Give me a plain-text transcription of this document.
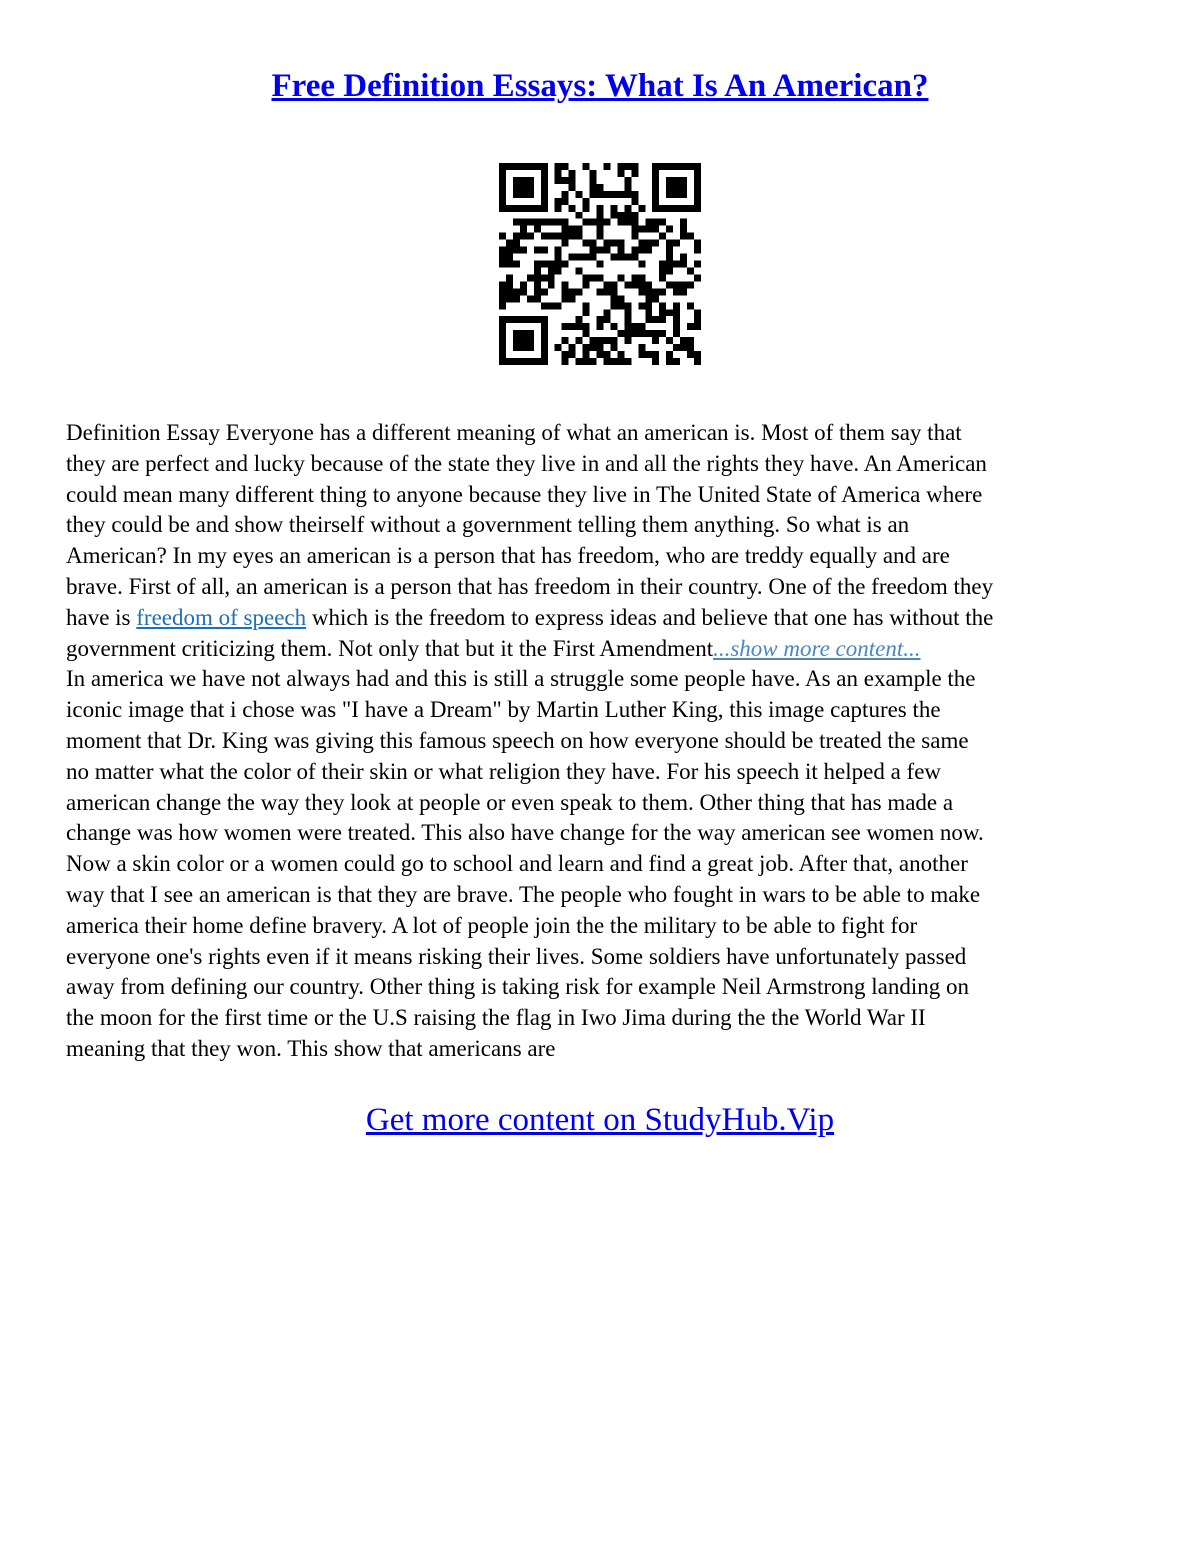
Free Definition Essays: What Is An American?
Definition Essay Everyone has a different meaning of what an american is. Most of them say that
they are perfect and lucky because of the state they live in and all the rights they have. An American
could mean many different thing to anyone because they live in The United State of America where
they could be and show theirself without a government telling them anything. So what is an
American? In my eyes an american is a person that has freedom, who are treddy equally and are
brave. First of all, an american is a person that has freedom in their country. One of the freedom they
have is freedom of speech which is the freedom to express ideas and believe that one has without the
government criticizing them. Not only that but it the First Amendment...show more content...
In america we have not always had and this is still a struggle some people have. As an example the
iconic image that i chose was "I have a Dream" by Martin Luther King, this image captures the
moment that Dr. King was giving this famous speech on how everyone should be treated the same
no matter what the color of their skin or what religion they have. For his speech it helped a few
american change the way they look at people or even speak to them. Other thing that has made a
change was how women were treated. This also have change for the way american see women now.
Now a skin color or a women could go to school and learn and find a great job. After that, another
way that I see an american is that they are brave. The people who fought in wars to be able to make
america their home define bravery. A lot of people join the the military to be able to fight for
everyone one's rights even if it means risking their lives. Some soldiers have unfortunately passed
away from defining our country. Other thing is taking risk for example Neil Armstrong landing on
the moon for the first time or the U.S raising the flag in Iwo Jima during the the World War II
meaning that they won. This show that americans are
Get more content on StudyHub.Vip
